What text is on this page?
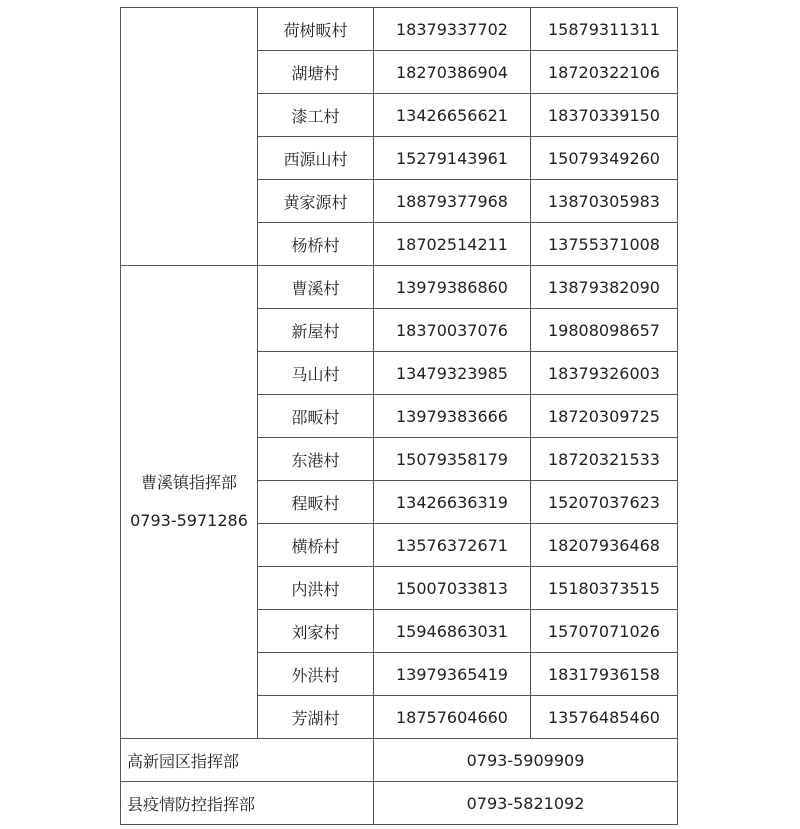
	荷树畈村	18379337702	15879311311
	湖塘村	18270386904	18720322106
	漆工村	13426656621	18370339150
	西源山村	15279143961	15079349260
	黄家源村	18879377968	13870305983
	杨桥村	18702514211	13755371008

曹溪镇指挥部
0793-5971286	曹溪村	13979386860	13879382090
	新屋村	18370037076	19808098657
	马山村	13479323985	18379326003
	邵畈村	13979383666	18720309725
	东港村	15079358179	18720321533
	程畈村	13426636319	15207037623
	横桥村	13576372671	18207936468
	内洪村	15007033813	15180373515
	刘家村	15946863031	15707071026
	外洪村	13979365419	18317936158
	芳湖村	18757604660	13576485460
高新园区指挥部		0793-5909909	
县疫情防控指挥部		0793-5821092	
